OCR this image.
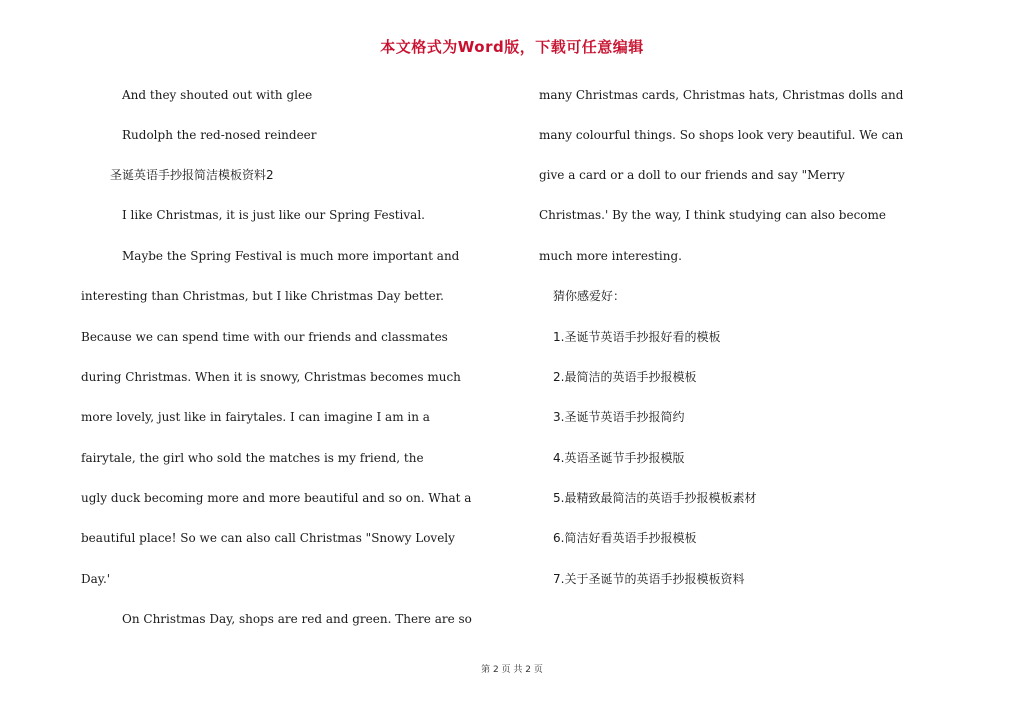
本文格式为Word版，下载可任意编辑
And they shouted out with glee
Rudolph the red-nosed reindeer
圣诞英语手抄报简洁模板资料2
I like Christmas, it is just like our Spring Festival.
Maybe the Spring Festival is much more important and
interesting than Christmas, but I like Christmas Day better.
Because we can spend time with our friends and classmates
during Christmas. When it is snowy, Christmas becomes much
more lovely, just like in fairytales. I can imagine I am in a
fairytale, the girl who sold the matches is my friend, the
ugly duck becoming more and more beautiful and so on. What a
beautiful place! So we can also call Christmas "Snowy Lovely
Day.'
On Christmas Day, shops are red and green. There are so
many Christmas cards, Christmas hats, Christmas dolls and
many colourful things. So shops look very beautiful. We can
give a card or a doll to our friends and say "Merry
Christmas.' By the way, I think studying can also become
much more interesting.
猜你感爱好：
1.圣诞节英语手抄报好看的模板
2.最简洁的英语手抄报模板
3.圣诞节英语手抄报简约
4.英语圣诞节手抄报模版
5.最精致最简洁的英语手抄报模板素材
6.简洁好看英语手抄报模板
7.关于圣诞节的英语手抄报模板资料
第 2 页 共 2 页
